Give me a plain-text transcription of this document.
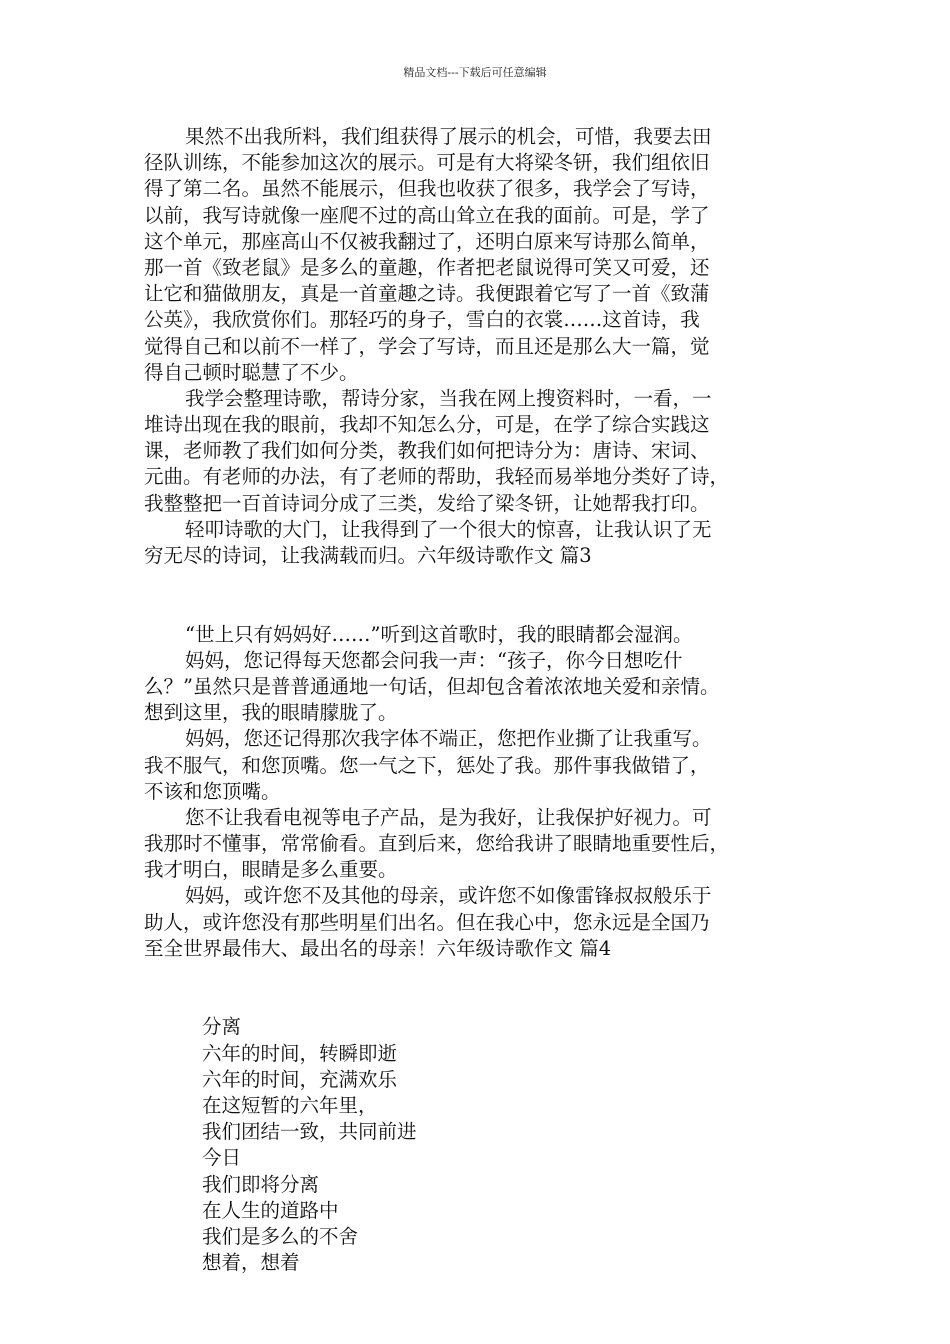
精品文档---下载后可任意编辑
果然不出我所料，我们组获得了展示的机会，可惜，我要去田
径队训练，不能参加这次的展示。可是有大将梁冬钘，我们组依旧
得了第二名。虽然不能展示，但我也收获了很多，我学会了写诗，
以前，我写诗就像一座爬不过的高山耸立在我的面前。可是，学了
这个单元，那座高山不仅被我翻过了，还明白原来写诗那么简单，
那一首《致老鼠》是多么的童趣，作者把老鼠说得可笑又可爱，还
让它和猫做朋友，真是一首童趣之诗。我便跟着它写了一首《致蒲
公英》，我欣赏你们。那轻巧的身子，雪白的衣裳……这首诗，我
觉得自己和以前不一样了，学会了写诗，而且还是那么大一篇，觉
得自己顿时聪慧了不少。
我学会整理诗歌，帮诗分家，当我在网上搜资料时，一看，一
堆诗出现在我的眼前，我却不知怎么分，可是，在学了综合实践这
课，老师教了我们如何分类，教我们如何把诗分为：唐诗、宋词、
元曲。有老师的办法，有了老师的帮助，我轻而易举地分类好了诗，
我整整把一百首诗词分成了三类，发给了梁冬钘，让她帮我打印。
轻叩诗歌的大门，让我得到了一个很大的惊喜，让我认识了无
穷无尽的诗词，让我满载而归。六年级诗歌作文 篇3
“世上只有妈妈好……”听到这首歌时，我的眼睛都会湿润。
妈妈，您记得每天您都会问我一声：“孩子，你今日想吃什
么？”虽然只是普普通通地一句话，但却包含着浓浓地关爱和亲情。
想到这里，我的眼睛朦胧了。
妈妈，您还记得那次我字体不端正，您把作业撕了让我重写。
我不服气，和您顶嘴。您一气之下，惩处了我。那件事我做错了，
不该和您顶嘴。
您不让我看电视等电子产品，是为我好，让我保护好视力。可
我那时不懂事，常常偷看。直到后来，您给我讲了眼睛地重要性后，
我才明白，眼睛是多么重要。
妈妈，或许您不及其他的母亲，或许您不如像雷锋叔叔般乐于
助人，或许您没有那些明星们出名。但在我心中，您永远是全国乃
至全世界最伟大、最出名的母亲！六年级诗歌作文 篇4
分离
六年的时间，转瞬即逝
六年的时间，充满欢乐
在这短暂的六年里，
我们团结一致，共同前进
今日
我们即将分离
在人生的道路中
我们是多么的不舍
想着，想着
